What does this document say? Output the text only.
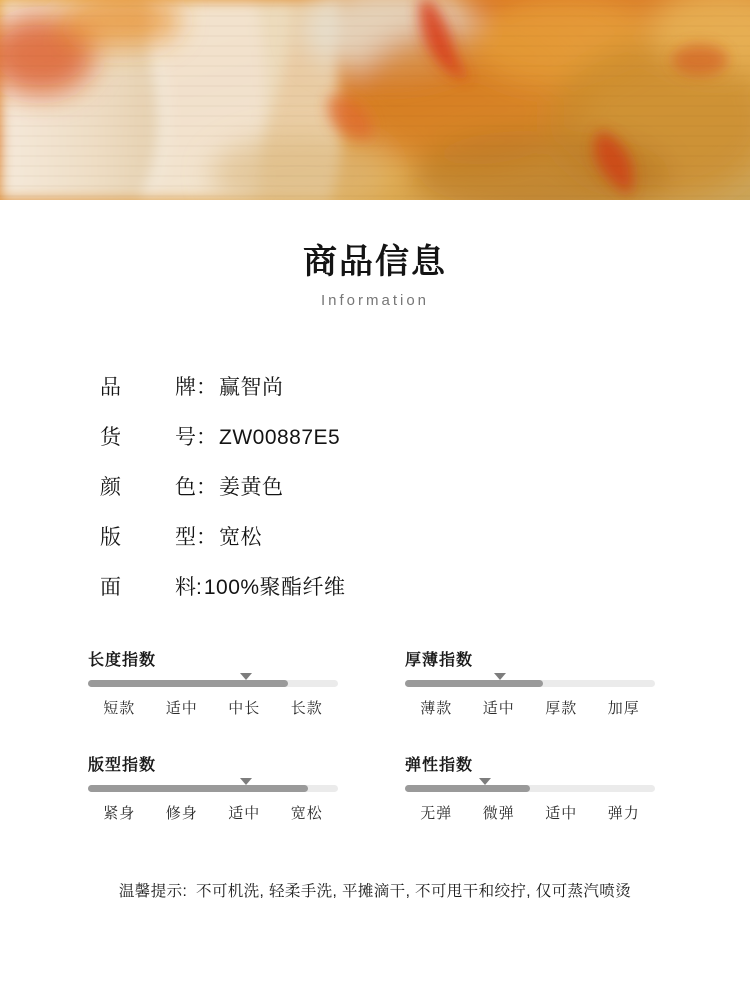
商品信息
Information
品	牌 ： 赢智尚
货	号 ： ZW00887E5
颜	色 ： 姜黄色
版	型 ： 宽松
面	料 : 100%聚酯纤维
长度指数
短款	适中	中长	长款
厚薄指数
薄款	适中	厚款	加厚
版型指数
紧身	修身	适中	宽松
弹性指数
无弹	微弹	适中	弹力
温馨提示: 不可机洗, 轻柔手洗, 平摊滴干, 不可甩干和绞拧, 仅可蒸汽喷烫
